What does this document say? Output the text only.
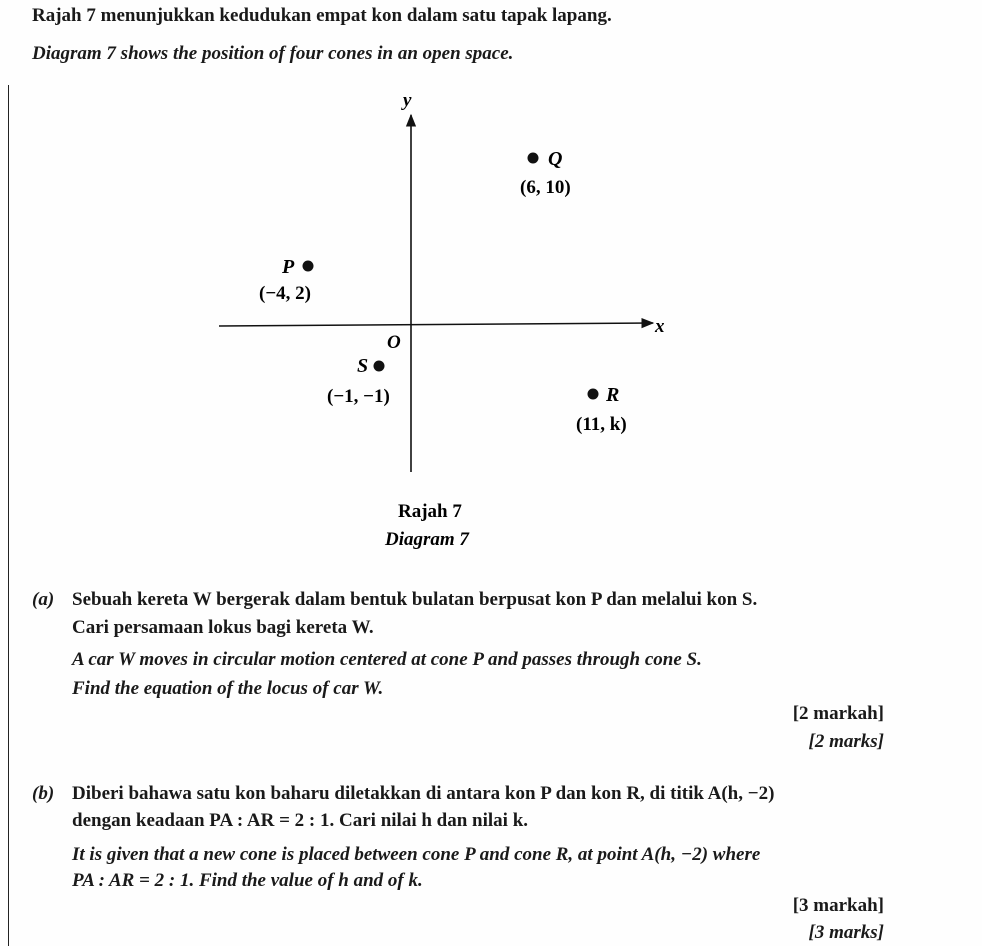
Rajah 7 menunjukkan kedudukan empat kon dalam satu tapak lapang.
Diagram 7 shows the position of four cones in an open space.
y
x
O
Q
(6, 10)
P
(−4, 2)
S
(−1, −1)	R
(11, k)
Rajah 7
Diagram 7
(a) Sebuah kereta W bergerak dalam bentuk bulatan berpusat kon P dan melalui kon S.
Cari persamaan lokus bagi kereta W.
A car W moves in circular motion centered at cone P and passes through cone S.
Find the equation of the locus of car W.
[2 markah]
[2 marks]
(b) Diberi bahawa satu kon baharu diletakkan di antara kon P dan kon R, di titik A(h, −2)
dengan keadaan PA : AR = 2 : 1. Cari nilai h dan nilai k.
It is given that a new cone is placed between cone P and cone R, at point A(h, −2) where
PA : AR = 2 : 1. Find the value of h and of k.
[3 markah]
[3 marks]
